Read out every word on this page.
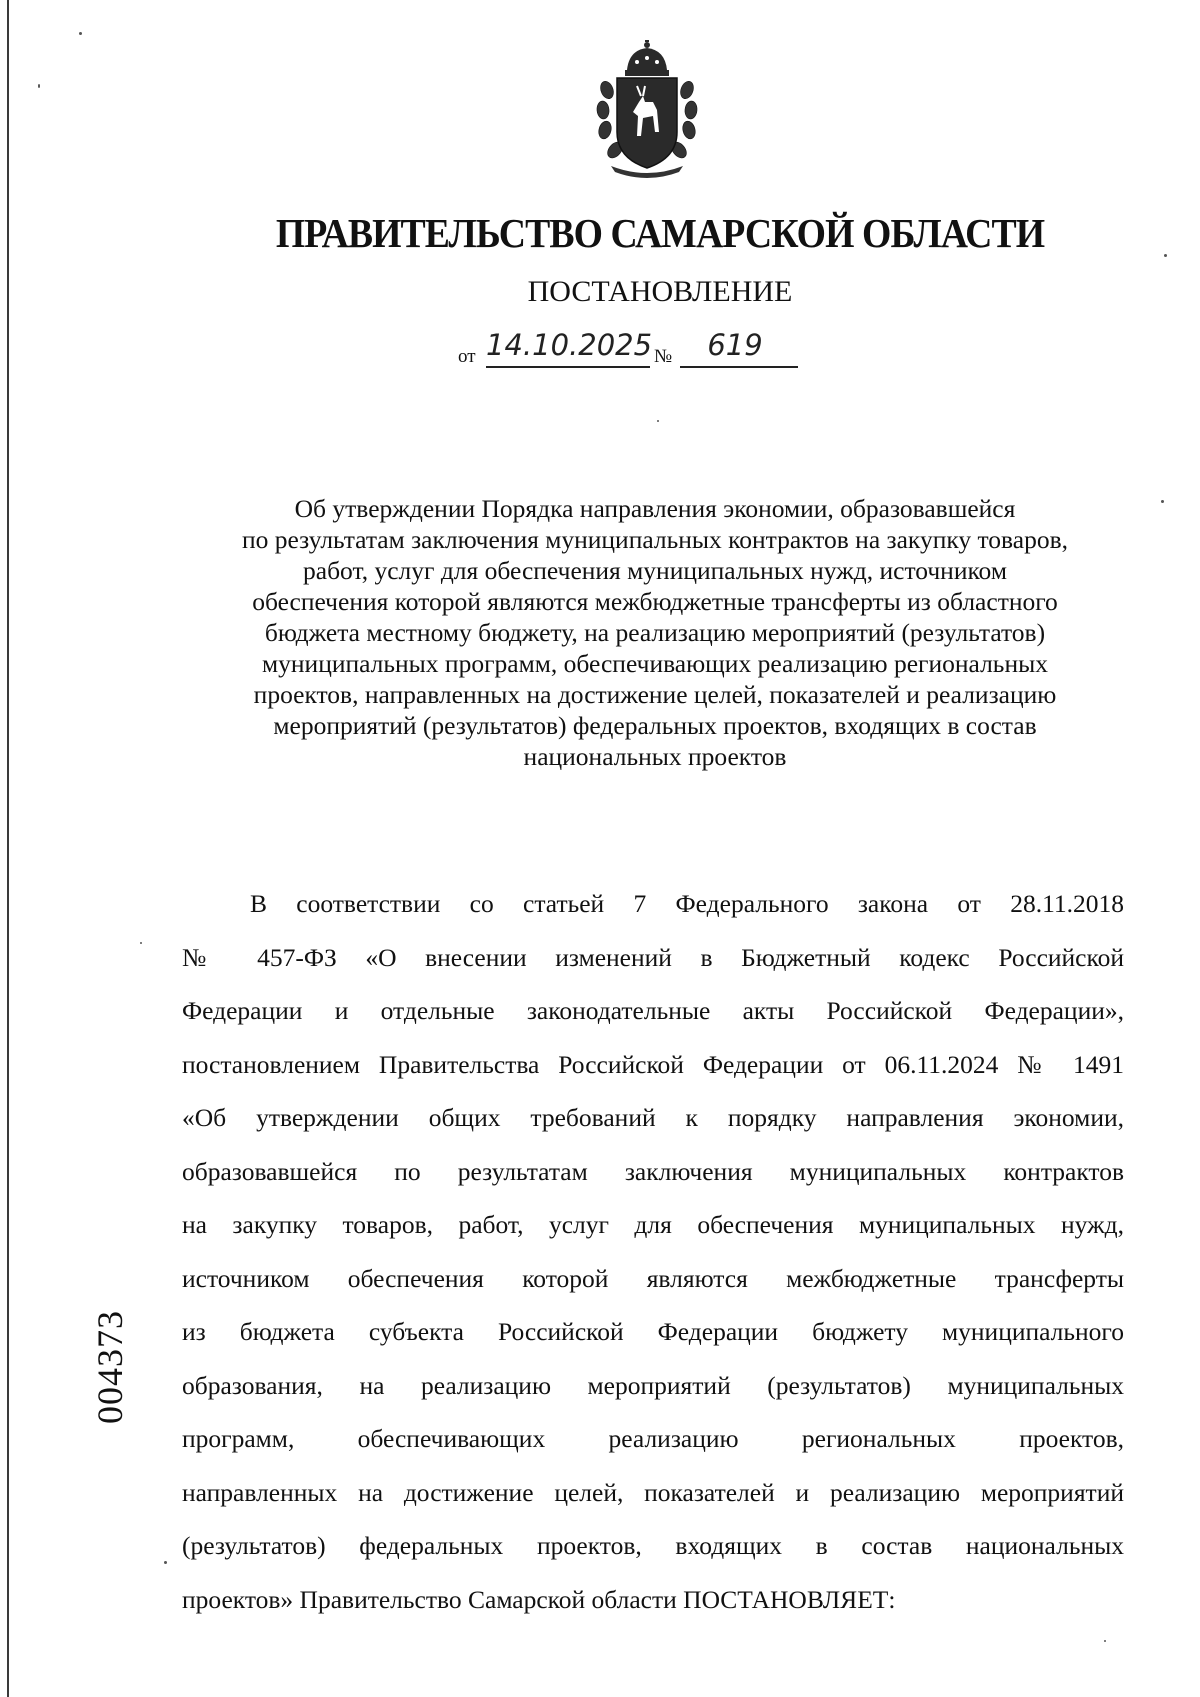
ПРАВИТЕЛЬСТВО САМАРСКОЙ ОБЛАСТИ
ПОСТАНОВЛЕНИЕ
от 14.10.2025 №	619
Об утверждении Порядка направления экономии, образовавшейся
по результатам заключения муниципальных контрактов на закупку товаров,
работ, услуг для обеспечения муниципальных нужд, источником
обеспечения которой являются межбюджетные трансферты из областного
бюджета местному бюджету, на реализацию мероприятий (результатов)
муниципальных программ, обеспечивающих реализацию региональных
проектов, направленных на достижение целей, показателей и реализацию
мероприятий (результатов) федеральных проектов, входящих в состав
национальных проектов
В соответствии со статьей 7 Федерального закона от 28.11.2018
№ 457-ФЗ «О внесении изменений в Бюджетный кодекс Российской
Федерации и отдельные законодательные акты Российской Федерации»,
постановлением Правительства Российской Федерации от 06.11.2024 № 1491
«Об утверждении общих требований к порядку направления экономии,
образовавшейся по результатам заключения муниципальных контрактов
на закупку товаров, работ, услуг для обеспечения муниципальных нужд,
источником обеспечения которой являются межбюджетные трансферты
из бюджета субъекта Российской Федерации бюджету муниципального
образования, на реализацию мероприятий (результатов) муниципальных
программ, обеспечивающих реализацию региональных проектов,
направленных на достижение целей, показателей и реализацию мероприятий
(результатов) федеральных проектов, входящих в состав национальных
проектов» Правительство Самарской области ПОСТАНОВЛЯЕТ:
004373
